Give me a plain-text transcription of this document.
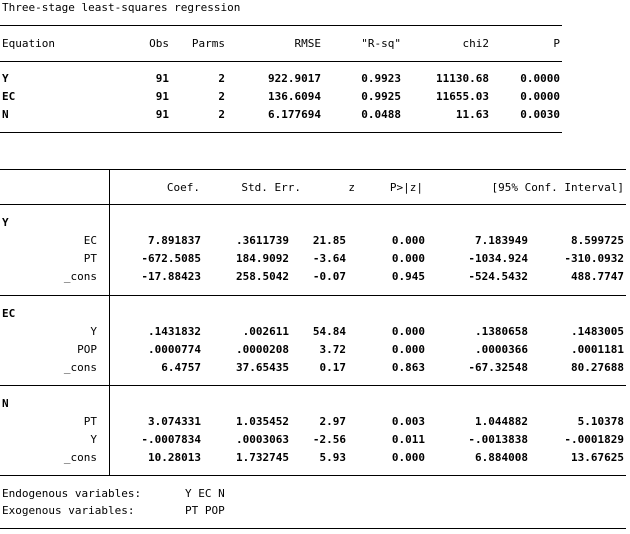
Three-stage least-squares regression
Equation	Obs Parms	RMSE	"R-sq"	chi2	P
Y	91	2	922.9017	0.9923	11130.68	0.0000
EC	91	2	136.6094	0.9925	11655.03	0.0000
N	91	2	6.177694	0.0488	11.63	0.0030
Coef.	Std. Err.	z	P>|z|	[95% Conf. Interval]
Y
EC	7.891837	.3611739 21.85	0.000	7.183949	8.599725
PT	-672.5085	184.9092 -3.64	0.000	-1034.924	-310.0932
_cons	-17.88423	258.5042 -0.07	0.945	-524.5432	488.7747
EC
Y	.1431832	.002611 54.84	0.000	.1380658	.1483005
POP	.0000774	.0000208	3.72	0.000	.0000366	.0001181
_cons	6.4757	37.65435	0.17	0.863	-67.32548	80.27688
N
PT	3.074331	1.035452	2.97	0.003	1.044882	5.10378
Y	-.0007834	.0003063 -2.56	0.011	-.0013838	-.0001829
_cons	10.28013	1.732745	5.93	0.000	6.884008	13.67625
Endogenous variables:	Y EC N
Exogenous variables:	PT POP
